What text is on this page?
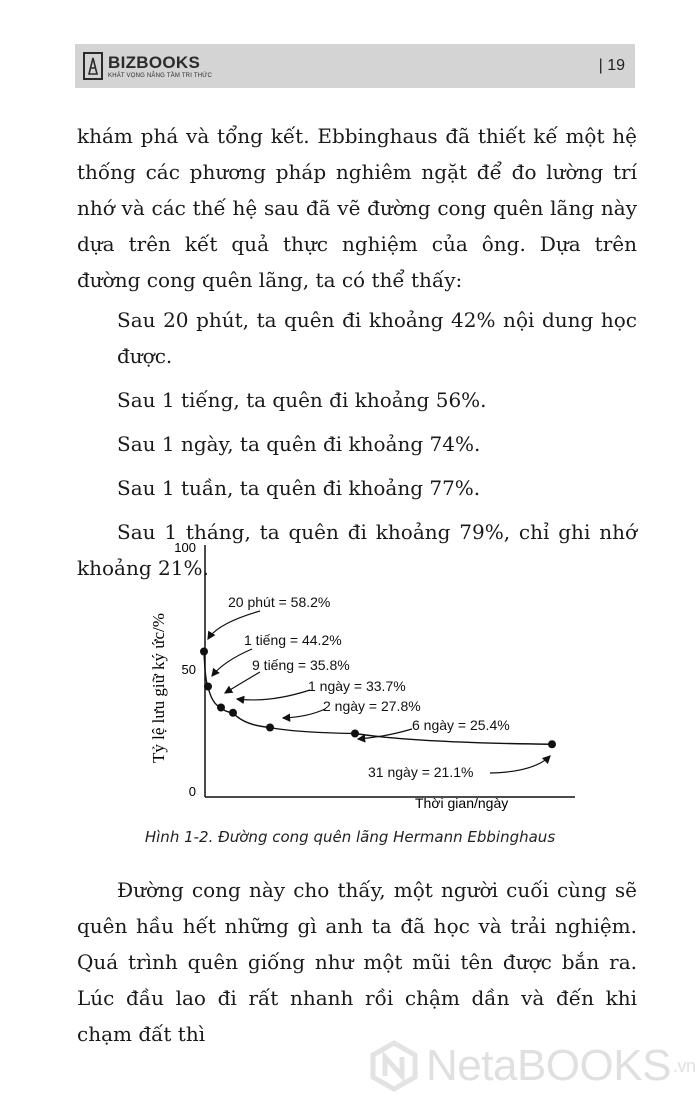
BIZBOOKS
KHÁT VỌNG NÂNG TẦM TRI THỨC
| 19

khám phá và tổng kết. Ebbinghaus đã thiết kế một hệ thống các phương pháp nghiêm ngặt để đo lường trí nhớ và các thế hệ sau đã vẽ đường cong quên lãng này dựa trên kết quả thực nghiệm của ông. Dựa trên đường cong quên lãng, ta có thể thấy:

Sau 20 phút, ta quên đi khoảng 42% nội dung học được.

Sau 1 tiếng, ta quên đi khoảng 56%.

Sau 1 ngày, ta quên đi khoảng 74%.

Sau 1 tuần, ta quên đi khoảng 77%.

Sau 1 tháng, ta quên đi khoảng 79%, chỉ ghi nhớ khoảng 21%.

100
50
0
Tỷ lệ lưu giữ ký ức/%
Thời gian/ngày
20 phút = 58.2%
1 tiếng = 44.2%
9 tiếng = 35.8%
1 ngày = 33.7%
2 ngày = 27.8%
6 ngày = 25.4%
31 ngày = 21.1%
Hình 1-2. Đường cong quên lãng Hermann Ebbinghaus

Đường cong này cho thấy, một người cuối cùng sẽ quên hầu hết những gì anh ta đã học và trải nghiệm. Quá trình quên giống như một mũi tên được bắn ra. Lúc đầu lao đi rất nhanh rồi chậm dần và đến khi chạm đất thì

NetaBOOKS .vn
